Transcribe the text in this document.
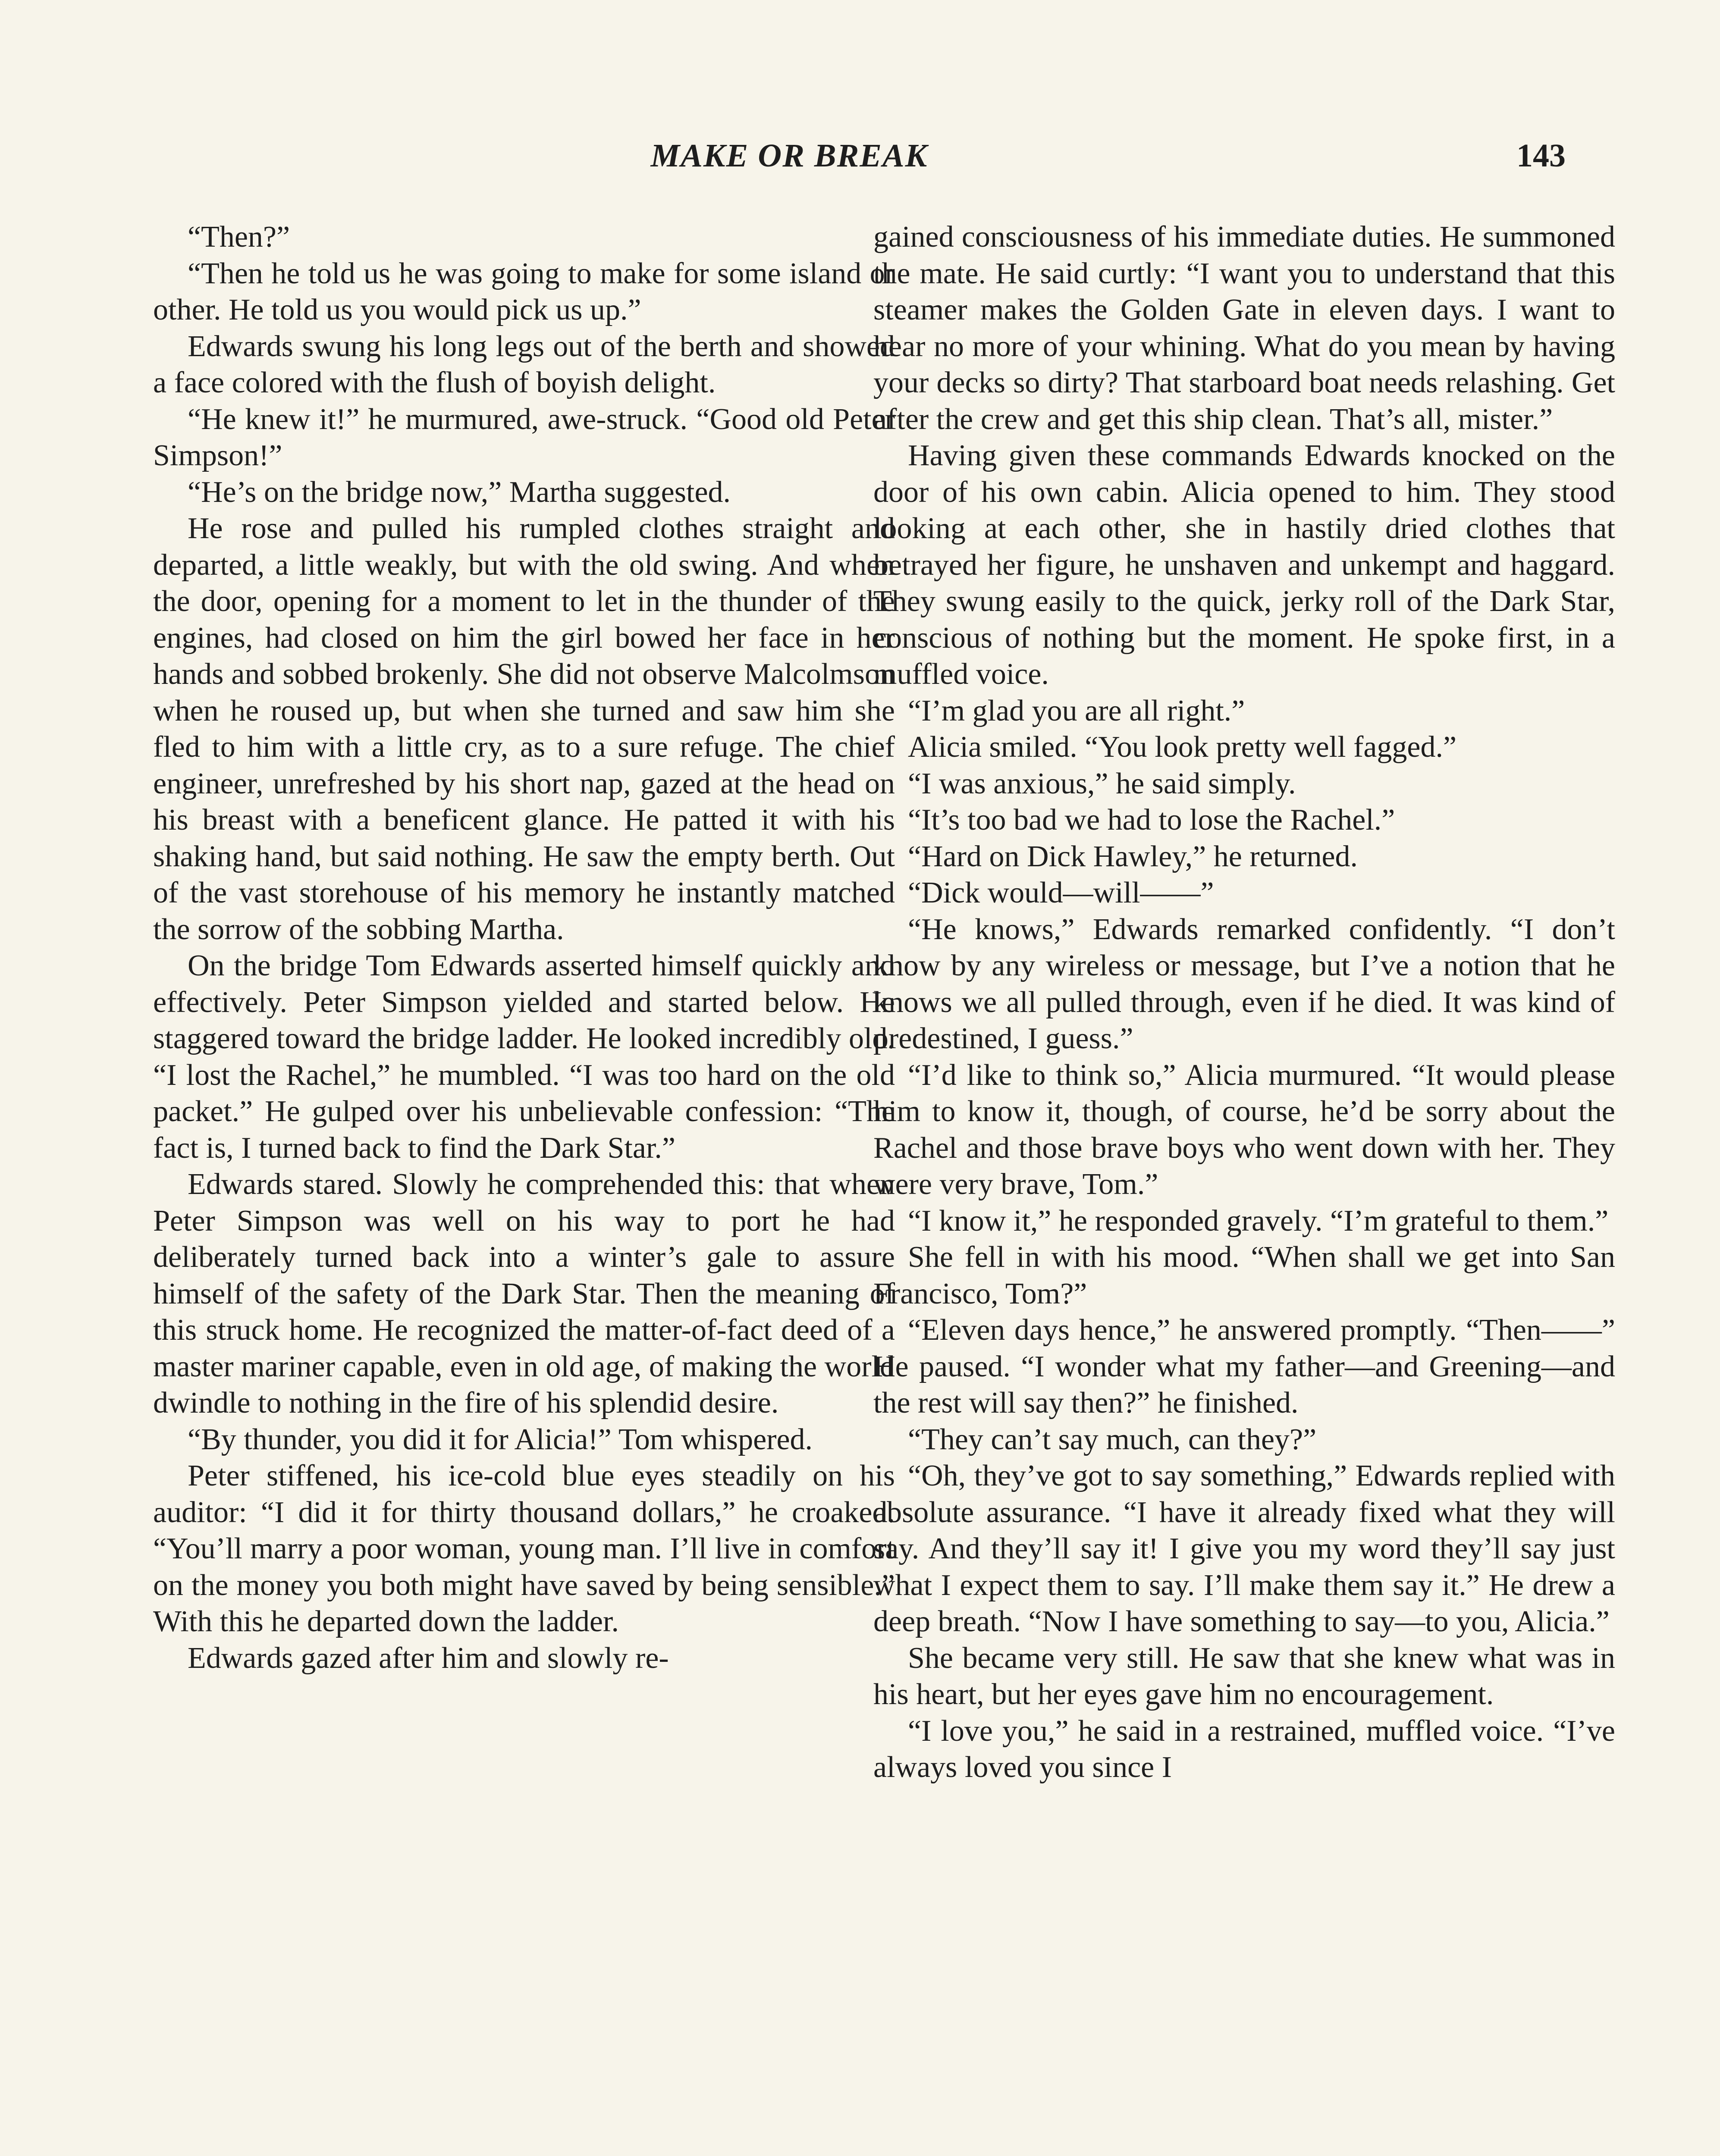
MAKE OR BREAK	143

“Then?”

“Then he told us he was going to make for some island or other. He told us you would pick us up.”

Edwards swung his long legs out of the berth and showed a face colored with the flush of boyish delight.

“He knew it!” he murmured, awe-struck. “Good old Peter Simpson!”

“He’s on the bridge now,” Martha suggested.

He rose and pulled his rumpled clothes straight and departed, a little weakly, but with the old swing. And when the door, opening for a moment to let in the thunder of the engines, had closed on him the girl bowed her face in her hands and sobbed brokenly. She did not observe Malcolmson when he roused up, but when she turned and saw him she fled to him with a little cry, as to a sure refuge. The chief engineer, unrefreshed by his short nap, gazed at the head on his breast with a beneficent glance. He patted it with his shaking hand, but said nothing. He saw the empty berth. Out of the vast storehouse of his memory he instantly matched the sorrow of the sobbing Martha.

On the bridge Tom Edwards asserted himself quickly and effectively. Peter Simpson yielded and started below. He staggered toward the bridge ladder. He looked incredibly old. “I lost the Rachel,” he mumbled. “I was too hard on the old packet.” He gulped over his unbelievable confession: “The fact is, I turned back to find the Dark Star.”

Edwards stared. Slowly he comprehended this: that when Peter Simpson was well on his way to port he had deliberately turned back into a winter’s gale to assure himself of the safety of the Dark Star. Then the meaning of this struck home. He recognized the matter-of-fact deed of a master mariner capable, even in old age, of making the world dwindle to nothing in the fire of his splendid desire.

“By thunder, you did it for Alicia!” Tom whispered.

Peter stiffened, his ice-cold blue eyes steadily on his auditor: “I did it for thirty thousand dollars,” he croaked. “You’ll marry a poor woman, young man. I’ll live in comfort on the money you both might have saved by being sensible.” With this he departed down the ladder.

Edwards gazed after him and slowly re-

gained consciousness of his immediate duties. He summoned the mate. He said curtly: “I want you to understand that this steamer makes the Golden Gate in eleven days. I want to hear no more of your whining. What do you mean by having your decks so dirty? That starboard boat needs relashing. Get after the crew and get this ship clean. That’s all, mister.”

Having given these commands Edwards knocked on the door of his own cabin. Alicia opened to him. They stood looking at each other, she in hastily dried clothes that betrayed her figure, he unshaven and unkempt and haggard. They swung easily to the quick, jerky roll of the Dark Star, conscious of nothing but the moment. He spoke first, in a muffled voice.

“I’m glad you are all right.”

Alicia smiled. “You look pretty well fagged.”

“I was anxious,” he said simply.

“It’s too bad we had to lose the Rachel.”

“Hard on Dick Hawley,” he returned.

“Dick would—will——”

“He knows,” Edwards remarked confidently. “I don’t know by any wireless or message, but I’ve a notion that he knows we all pulled through, even if he died. It was kind of predestined, I guess.”

“I’d like to think so,” Alicia murmured. “It would please him to know it, though, of course, he’d be sorry about the Rachel and those brave boys who went down with her. They were very brave, Tom.”

“I know it,” he responded gravely. “I’m grateful to them.”

She fell in with his mood. “When shall we get into San Francisco, Tom?”

“Eleven days hence,” he answered promptly. “Then——” He paused. “I wonder what my father—and Greening—and the rest will say then?” he finished.

“They can’t say much, can they?”

“Oh, they’ve got to say something,” Edwards replied with absolute assurance. “I have it already fixed what they will say. And they’ll say it! I give you my word they’ll say just what I expect them to say. I’ll make them say it.” He drew a deep breath. “Now I have something to say—to you, Alicia.”

She became very still. He saw that she knew what was in his heart, but her eyes gave him no encouragement.

“I love you,” he said in a restrained, muffled voice. “I’ve always loved you since I
